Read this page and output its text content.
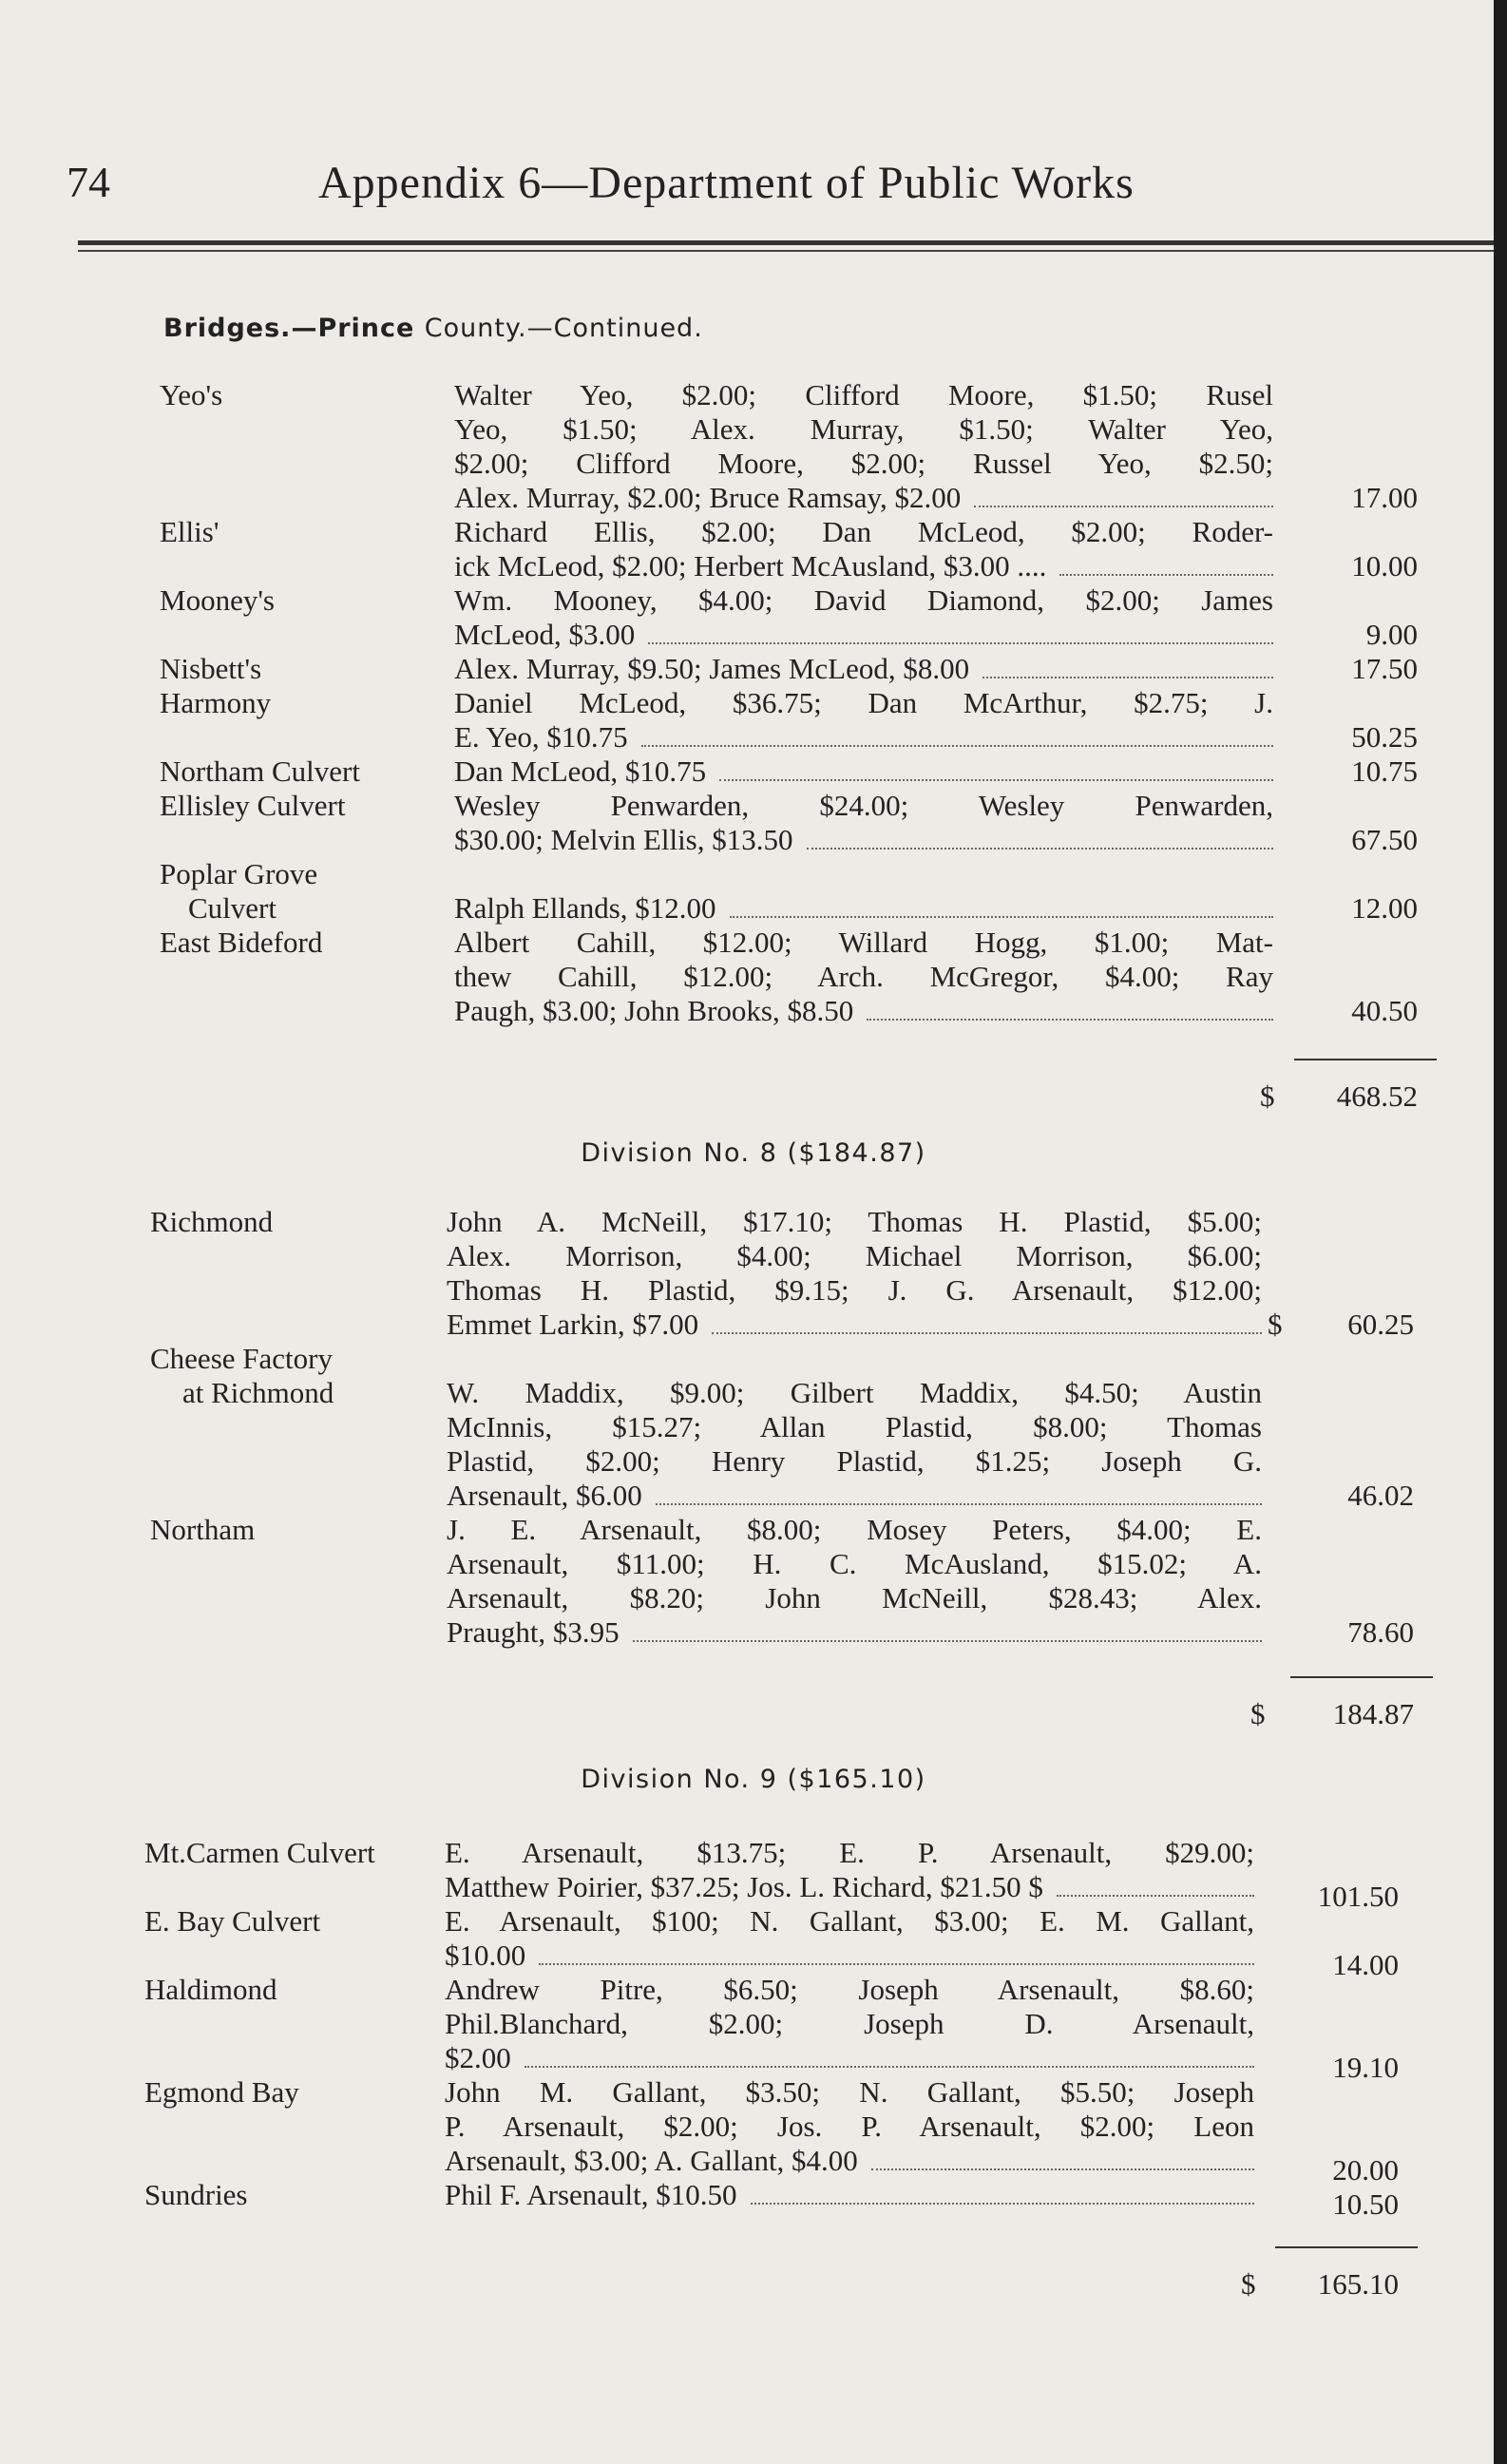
74	Appendix 6—Department of Public Works
Bridges.—Prince County.—Continued.
Yeo's	Walter Yeo, $2.00; Clifford Moore, $1.50; Rusel
Yeo, $1.50; Alex. Murray, $1.50; Walter Yeo,
$2.00; Clifford Moore, $2.00; Russel Yeo, $2.50;
Alex. Murray, $2.00; Bruce Ramsay, $2.00	17.00
Ellis'	Richard Ellis, $2.00; Dan McLeod, $2.00; Roder-
ick McLeod, $2.00; Herbert McAusland, $3.00 ....	10.00
Mooney's	Wm. Mooney, $4.00; David Diamond, $2.00; James
McLeod, $3.00	9.00
Nisbett's	Alex. Murray, $9.50; James McLeod, $8.00	17.50
Harmony	Daniel McLeod, $36.75; Dan McArthur, $2.75; J.
E. Yeo, $10.75	50.25
Northam Culvert	Dan McLeod, $10.75	10.75
Ellisley Culvert	Wesley Penwarden, $24.00; Wesley Penwarden,
$30.00; Melvin Ellis, $13.50	67.50
Poplar Grove
Culvert	Ralph Ellands, $12.00	12.00
East Bideford	Albert Cahill, $12.00; Willard Hogg, $1.00; Mat-
thew Cahill, $12.00; Arch. McGregor, $4.00; Ray
Paugh, $3.00; John Brooks, $8.50	40.50
$	468.52
Division No. 8 ($184.87)
Richmond	John A. McNeill, $17.10; Thomas H. Plastid, $5.00;
Alex. Morrison, $4.00; Michael Morrison, $6.00;
Thomas H. Plastid, $9.15; J. G. Arsenault, $12.00;
Emmet Larkin, $7.00	$	60.25
Cheese Factory
at Richmond	W. Maddix, $9.00; Gilbert Maddix, $4.50; Austin
McInnis, $15.27; Allan Plastid, $8.00; Thomas
Plastid, $2.00; Henry Plastid, $1.25; Joseph G.
Arsenault, $6.00	46.02
Northam	J. E. Arsenault, $8.00; Mosey Peters, $4.00; E.
Arsenault, $11.00; H. C. McAusland, $15.02; A.
Arsenault, $8.20; John McNeill, $28.43; Alex.
Praught, $3.95	78.60
$	184.87
Division No. 9 ($165.10)
Mt.Carmen Culvert E. Arsenault, $13.75; E. P. Arsenault, $29.00;
Matthew Poirier, $37.25; Jos. L. Richard, $21.50 $	101.50
E. Bay Culvert	E. Arsenault, $100; N. Gallant, $3.00; E. M. Gallant,
$10.00	14.00
Haldimond	Andrew Pitre, $6.50; Joseph Arsenault, $8.60;
Phil.Blanchard, $2.00; Joseph D. Arsenault,
$2.00	19.10
Egmond Bay	John M. Gallant, $3.50; N. Gallant, $5.50; Joseph
P. Arsenault, $2.00; Jos. P. Arsenault, $2.00; Leon
Arsenault, $3.00; A. Gallant, $4.00	20.00
Sundries	Phil F. Arsenault, $10.50	10.50
$	165.10
